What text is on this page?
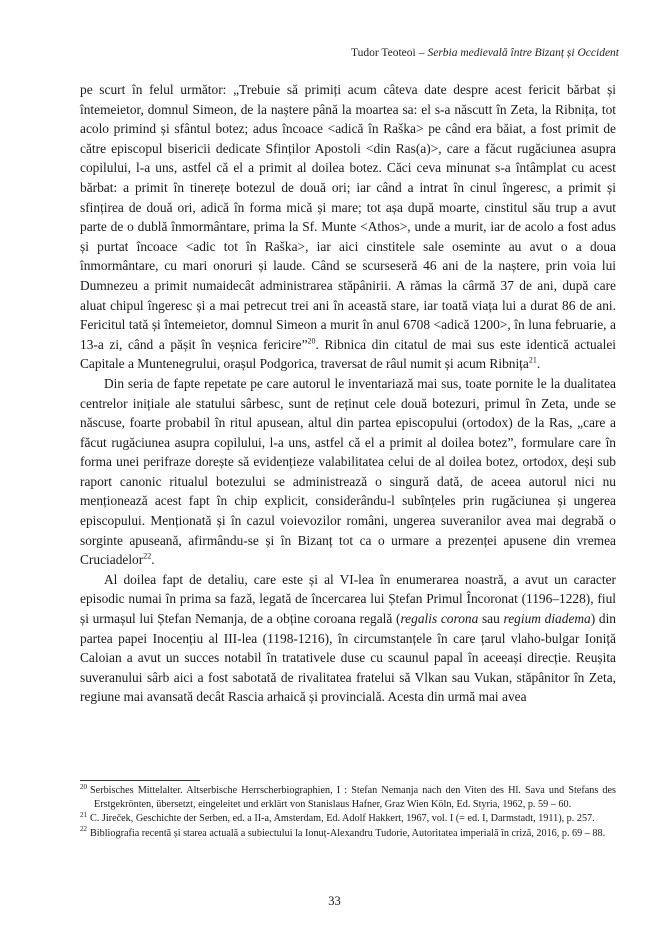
Tudor Teoteoi – Serbia medievală între Bizanț și Occident

pe scurt în felul următor: „Trebuie să primiți acum câteva date despre acest fericit bărbat și întemeietor, domnul Simeon, de la naștere până la moartea sa: el s-a născutt în Zeta, la Ribnița, tot acolo primind și sfântul botez; adus încoace <adică în Raška> pe când era băiat, a fost primit de către episcopul bisericii dedicate Sfinților Apostoli <din Ras(a)>, care a făcut rugăciunea asupra copilului, l-a uns, astfel că el a primit al doilea botez. Căci ceva minunat s-a întâmplat cu acest bărbat: a primit în tinerețe botezul de două ori; iar când a intrat în cinul îngeresc, a primit și sfințirea de două ori, adică în forma mică și mare; tot așa după moarte, cinstitul său trup a avut parte de o dublă înmormântare, prima la Sf. Munte <Athos>, unde a murit, iar de acolo a fost adus și purtat încoace <adic tot în Raška>, iar aici cinstitele sale oseminte au avut o a doua înmormântare, cu mari onoruri și laude. Când se scurseseră 46 ani de la naștere, prin voia lui Dumnezeu a primit numaidecât administrarea stăpânirii. A rămas la cârmă 37 de ani, după care aluat chipul îngeresc și a mai petrecut trei ani în această stare, iar toată viața lui a durat 86 de ani. Fericitul tată și întemeietor, domnul Simeon a murit în anul 6708 <adică 1200>, în luna februarie, a 13-a zi, când a pășit în veșnica fericire”$^{20}$. Ribnica din citatul de mai sus este identică actualei Capitale a Muntenegrului, orașul Podgorica, traversat de râul numit și acum Ribnița$^{21}$.

Din seria de fapte repetate pe care autorul le inventariază mai sus, toate pornite le la dualitatea centrelor inițiale ale statului sârbesc, sunt de reținut cele două botezuri, primul în Zeta, unde se născuse, foarte probabil în ritul apusean, altul din partea episcopului (ortodox) de la Ras, „care a făcut rugăciunea asupra copilului, l-a uns, astfel că el a primit al doilea botez”, formulare care în forma unei perifraze dorește să evidențieze valabilitatea celui de al doilea botez, ortodox, deși sub raport canonic ritualul botezului se administrează o singură dată, de aceea autorul nici nu menționează acest fapt în chip explicit, considerându-l subînțeles prin rugăciunea și ungerea episcopului. Menționată și în cazul voievozilor români, ungerea suveranilor avea mai degrabă o sorginte apuseană, afirmându-se și în Bizanț tot ca o urmare a prezenței apusene din vremea Cruciadelor$^{22}$.

Al doilea fapt de detaliu, care este și al VI-lea în enumerarea noastră, a avut un caracter episodic numai în prima sa fază, legată de încercarea lui Ștefan Primul Încoronat (1196–1228), fiul și urmașul lui Ștefan Nemanja, de a obține coroana regală (regalis corona sau regium diadema) din partea papei Inocențiu al III-lea (1198-1216), în circumstanțele în care țarul vlaho-bulgar Ioniță Caloian a avut un succes notabil în tratativele duse cu scaunul papal în aceeași direcție. Reușita suveranului sârb aici a fost sabotată de rivalitatea fratelui să Vlkan sau Vukan, stăpânitor în Zeta, regiune mai avansată decât Rascia arhaică și provincială. Acesta din urmă mai avea

$^{20}$ Serbisches Mittelalter. Altserbische Herrscherbiographien, I : Stefan Nemanja nach den Viten des Hl. Sava und Stefans des Erstgekrönten, übersetzt, eingeleitet und erklärt von Stanislaus Hafner, Graz Wien Köln, Ed. Styria, 1962, p. 59 – 60.
$^{21}$ C. Jireček, Geschichte der Serben, ed. a II-a, Amsterdam, Ed. Adolf Hakkert, 1967, vol. I (= ed. I, Darmstadt, 1911), p. 257.
$^{22}$ Bibliografia recentă și starea actuală a subiectului la Ionuț-Alexandru Tudorie, Autoritatea imperială în criză, 2016, p. 69 – 88.
33
